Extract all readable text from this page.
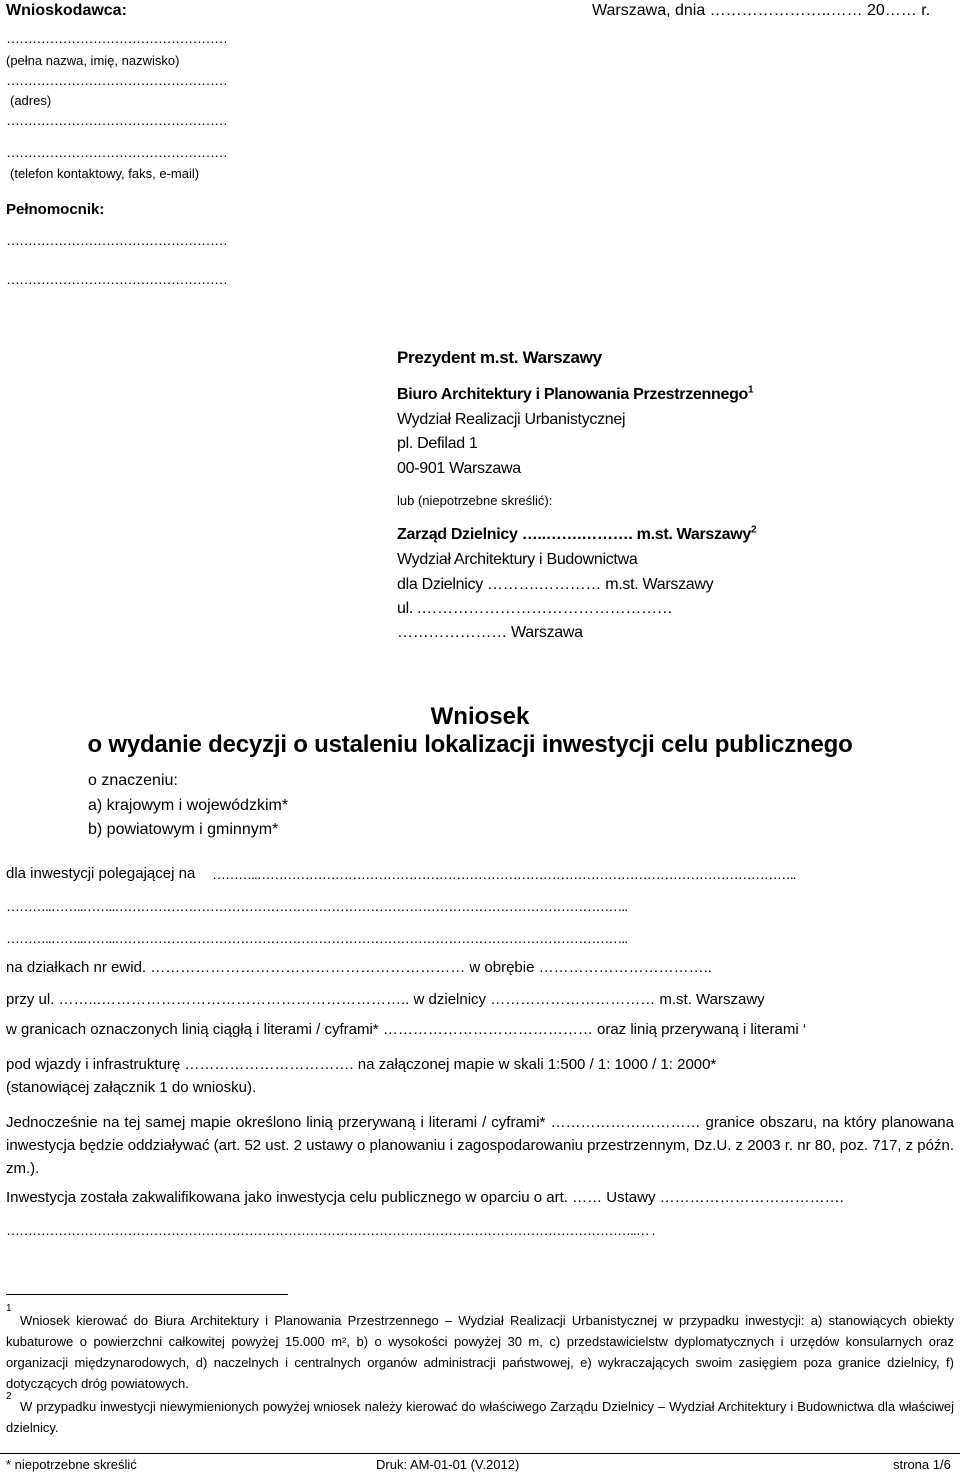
Wnioskodawca:	Warszawa, dnia …………………..…… 20…… r.
……………………………………………
(pełna nazwa, imię, nazwisko)
……………………………………………
(adres)
……………………………………………
……………………………………………
(telefon kontaktowy, faks, e-mail)
Pełnomocnik:
……………………………………………
……………………………………………
Prezydent m.st. Warszawy
Biuro Architektury i Planowania Przestrzennego$^1$
Wydział Realizacji Urbanistycznej
pl. Defilad 1
00-901 Warszawa
lub (niepotrzebne skreślić):
Zarząd Dzielnicy …..…….………. m.st. Warszawy$^2$
Wydział Architektury i Budownictwa
dla Dzielnicy ……….………… m.st. Warszawy
ul. .…………………………………………
………………… Warszawa
Wniosek
o wydanie decyzji o ustaleniu lokalizacji inwestycji celu publicznego
o znaczeniu:
a) krajowym i wojewódzkim*
b) powiatowym i gminnym*
dla inwestycji polegającej na ………..……………………………………………………………………………………………………………..
………..……..……..………………………………………………………………………………………………………..
………..……..……..………………………………………………………………………………………………………..
na działkach nr ewid. ……………………………………………………… w obrębie ……………………………..
przy ul. ……...…………………………………………………….. w dzielnicy …………………………… m.st. Warszawy
w granicach oznaczonych linią ciągłą i literami / cyframi* …………………………………… oraz linią przerywaną i literami ‘
pod wjazdy i infrastrukturę ……………………………. na załączonej mapie w skali 1:500 / 1: 1000 / 1: 2000*
(stanowiącej załącznik 1 do wniosku).
Jednocześnie na tej samej mapie określono linią przerywaną i literami / cyframi* ………………………… granice obszaru, na który planowana inwestycja będzie oddziaływać (art. 52 ust. 2 ustawy o planowaniu i zagospodarowaniu przestrzennym, Dz.U. z 2003 r. nr 80, poz. 717, z późn. zm.).
Inwestycja została zakwalifikowana jako inwestycja celu publicznego w oparciu o art. …… Ustawy ……………………………….
………………………………………………………………………………………………………………………………..… .
1
Wniosek kierować do Biura Architektury i Planowania Przestrzennego – Wydział Realizacji Urbanistycznej w przypadku inwestycji: a) stanowiących obiekty kubaturowe o powierzchni całkowitej powyżej 15.000 m², b) o wysokości powyżej 30 m, c) przedstawicielstw dyplomatycznych i urzędów konsularnych oraz organizacji międzynarodowych, d) naczelnych i centralnych organów administracji państwowej, e) wykraczających swoim zasięgiem poza granice dzielnicy, f) dotyczących dróg powiatowych.
2
W przypadku inwestycji niewymienionych powyżej wniosek należy kierować do właściwego Zarządu Dzielnicy – Wydział Architektury i Budownictwa dla właściwej dzielnicy.
* niepotrzebne skreślić	Druk: AM-01-01 (V.2012)	strona 1/6
